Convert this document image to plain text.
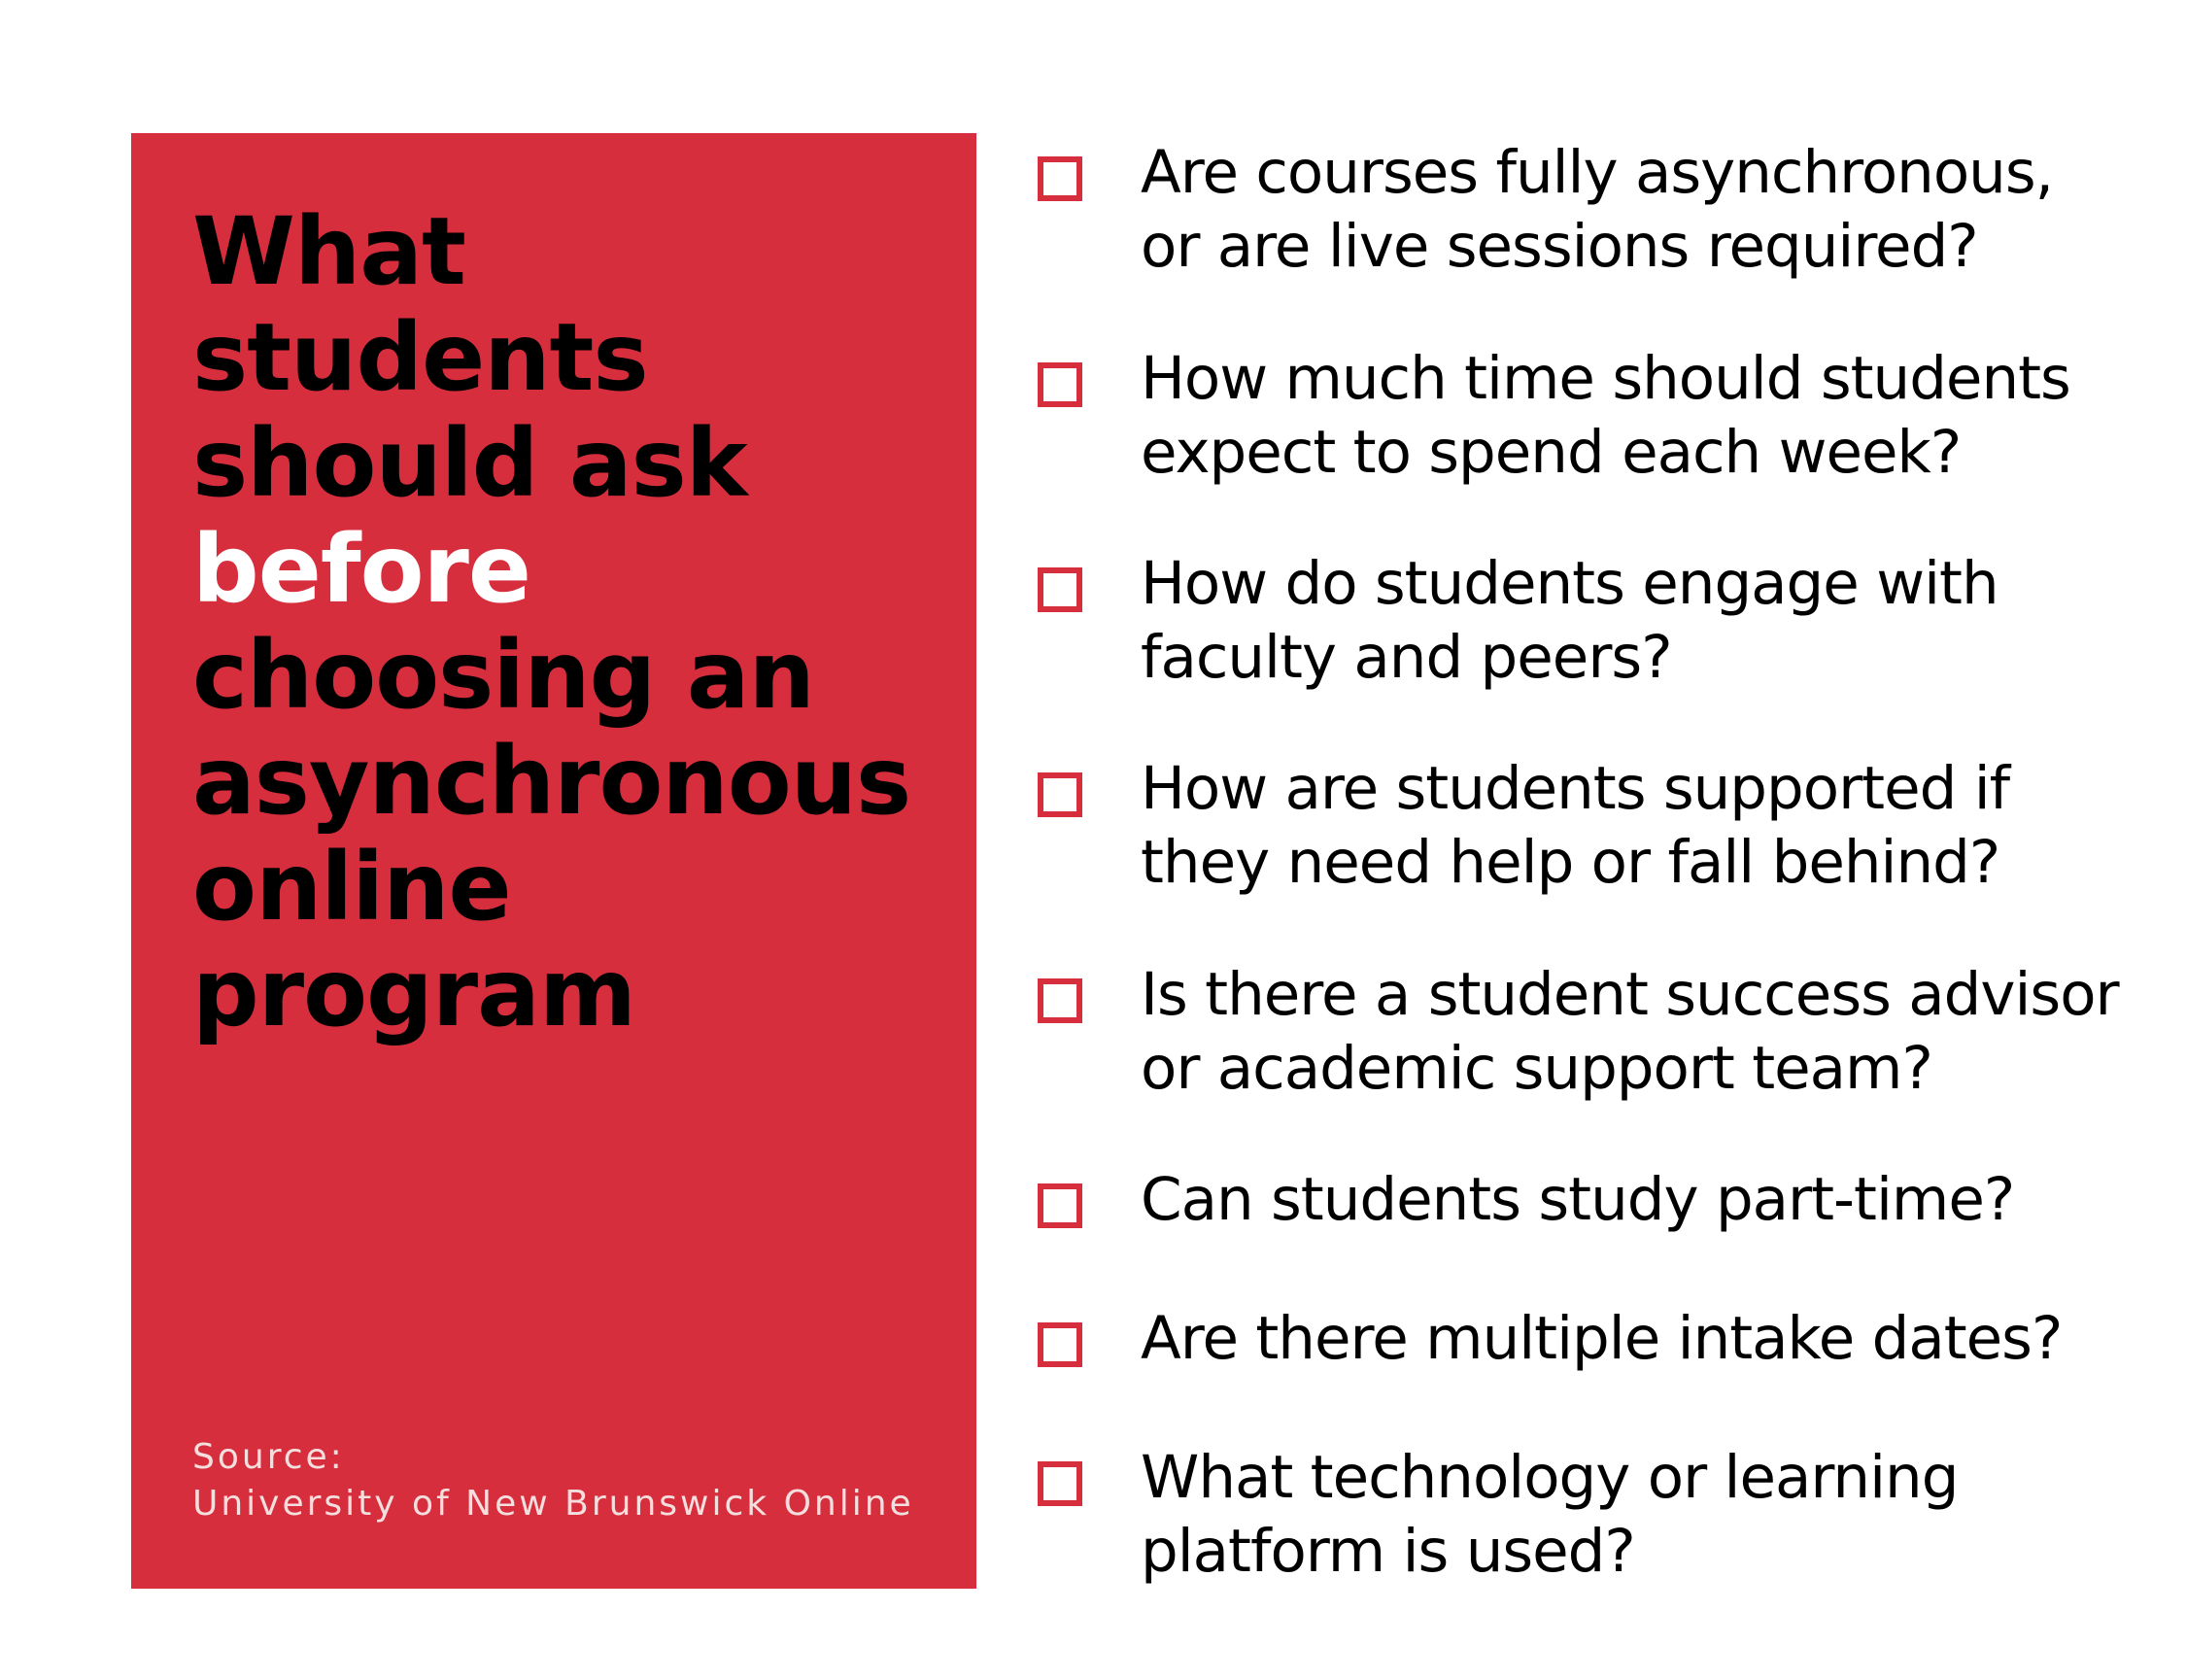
What
students
should ask
before
choosing an
asynchronous
online
program
Source:
University of New Brunswick Online
Are courses fully asynchronous,
or are live sessions required?
How much time should students
expect to spend each week?
How do students engage with
faculty and peers?
How are students supported if
they need help or fall behind?
Is there a student success advisor
or academic support team?
Can students study part-time?
Are there multiple intake dates?
What technology or learning
platform is used?
